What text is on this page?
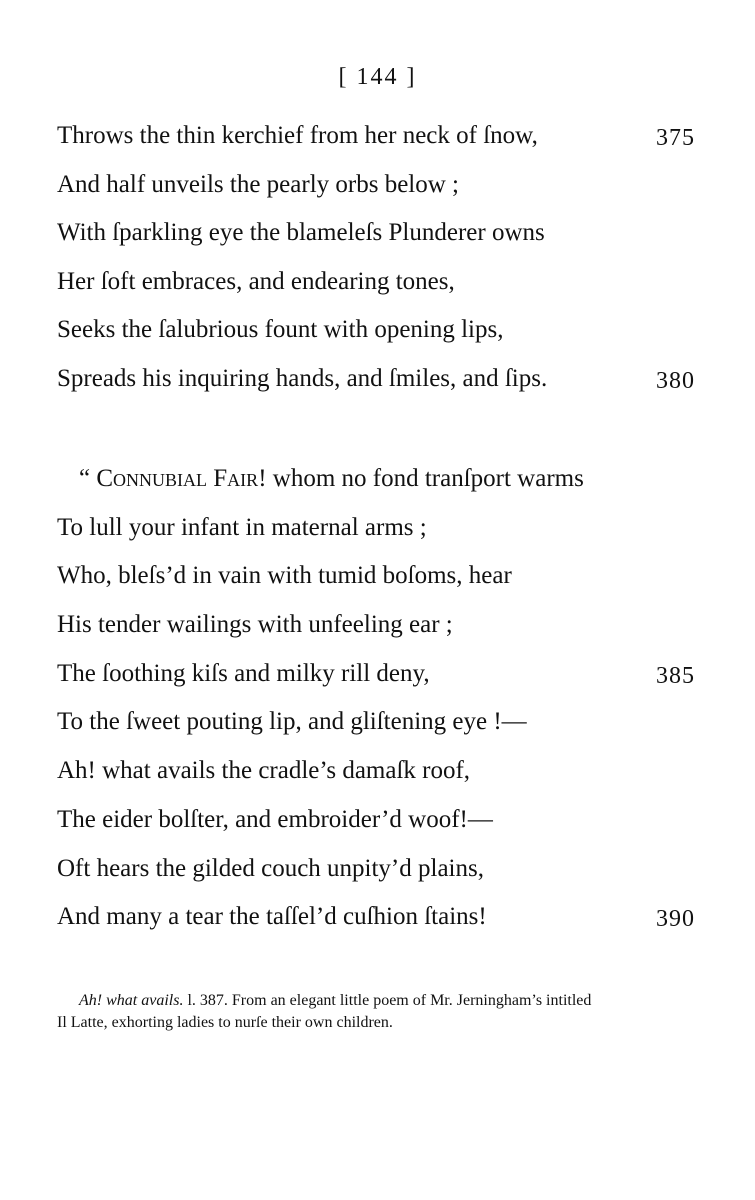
[ 144 ]
Throws the thin kerchief from her neck of ſnow,	375
And half unveils the pearly orbs below ;
With ſparkling eye the blameleſs Plunderer owns
Her ſoft embraces, and endearing tones,
Seeks the ſalubrious fount with opening lips,
Spreads his inquiring hands, and ſmiles, and ſips.	380
“ Connubial Fair! whom no fond tranſport warms
To lull your infant in maternal arms ;
Who, bleſs’d in vain with tumid boſoms, hear
His tender wailings with unfeeling ear ;
The ſoothing kiſs and milky rill deny,	385
To the ſweet pouting lip, and gliſtening eye !—
Ah! what avails the cradle’s damaſk roof,
The eider bolſter, and embroider’d woof!—
Oft hears the gilded couch unpity’d plains,
And many a tear the taſſel’d cuſhion ſtains!	390
Ah! what avails. l. 387. From an elegant little poem of Mr. Jerningham’s intitled
Il Latte, exhorting ladies to nurſe their own children.
